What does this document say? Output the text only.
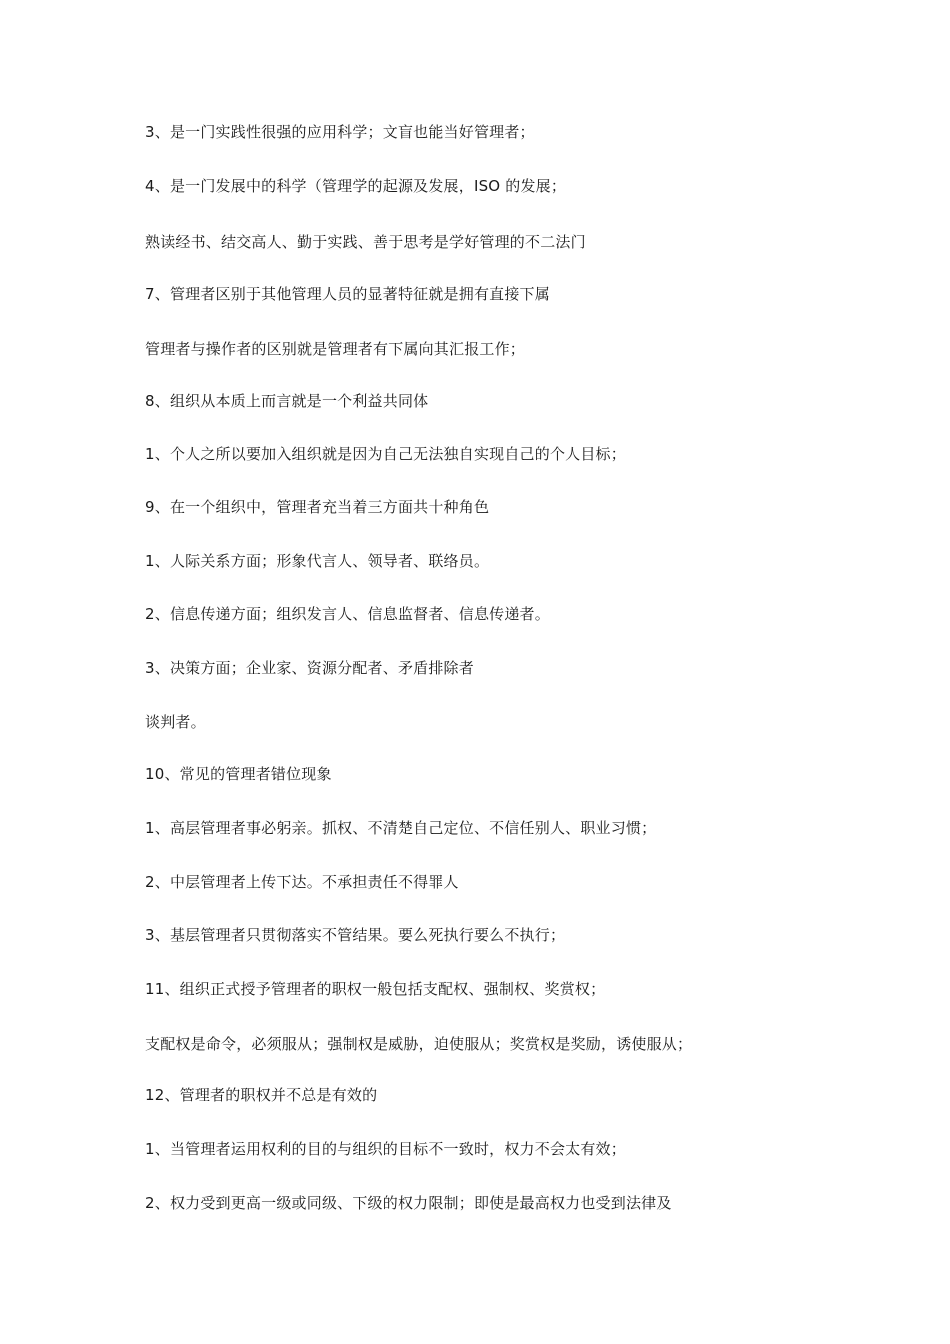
3、是一门实践性很强的应用科学；文盲也能当好管理者；
4、是一门发展中的科学（管理学的起源及发展，ISO 的发展；
熟读经书、结交高人、勤于实践、善于思考是学好管理的不二法门
7、管理者区别于其他管理人员的显著特征就是拥有直接下属
管理者与操作者的区别就是管理者有下属向其汇报工作；
8、组织从本质上而言就是一个利益共同体
1、个人之所以要加入组织就是因为自己无法独自实现自己的个人目标；
9、在一个组织中，管理者充当着三方面共十种角色
1、人际关系方面；形象代言人、领导者、联络员。
2、信息传递方面；组织发言人、信息监督者、信息传递者。
3、决策方面；企业家、资源分配者、矛盾排除者
谈判者。
10、常见的管理者错位现象
1、高层管理者事必躬亲。抓权、不清楚自己定位、不信任别人、职业习惯；
2、中层管理者上传下达。不承担责任不得罪人
3、基层管理者只贯彻落实不管结果。要么死执行要么不执行；
11、组织正式授予管理者的职权一般包括支配权、强制权、奖赏权；
支配权是命令，必须服从；强制权是威胁，迫使服从；奖赏权是奖励，诱使服从；
12、管理者的职权并不总是有效的
1、当管理者运用权利的目的与组织的目标不一致时，权力不会太有效；
2、权力受到更高一级或同级、下级的权力限制；即使是最高权力也受到法律及
